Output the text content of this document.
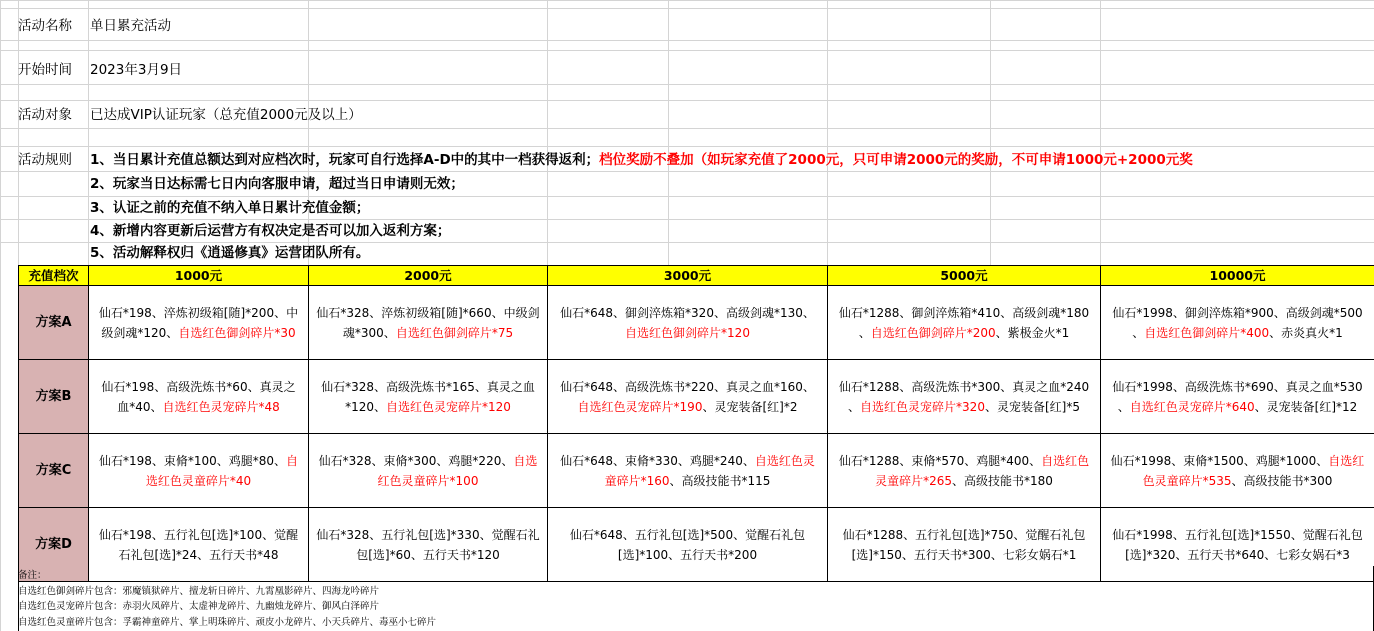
活动名称 单日累充活动
开始时间 2023年3月9日
活动对象 已达成VIP认证玩家（总充值2000元及以上）
活动规则 1、当日累计充值总额达到对应档次时，玩家可自行选择A-D中的其中一档获得返利；档位奖励不叠加（如玩家充值了2000元，只可申请2000元的奖励，不可申请1000元+2000元奖
2、玩家当日达标需七日内向客服申请，超过当日申请则无效；
3、认证之前的充值不纳入单日累计充值金额；
4、新增内容更新后运营方有权决定是否可以加入返利方案；
5、活动解释权归《逍遥修真》运营团队所有。
充值档次	1000元	2000元	3000元	5000元	10000元
方案A	仙石*198、淬炼初级箱[随]*200、中
级剑魂*120、自选红色御剑碎片*30	仙石*328、淬炼初级箱[随]*660、中级剑
魂*300、自选红色御剑碎片*75	仙石*648、御剑淬炼箱*320、高级剑魂*130、
自选红色御剑碎片*120	仙石*1288、御剑淬炼箱*410、高级剑魂*180
、自选红色御剑碎片*200、紫极金火*1	仙石*1998、御剑淬炼箱*900、高级剑魂*500
、自选红色御剑碎片*400、赤炎真火*1
方案B	仙石*198、高级洗炼书*60、真灵之
血*40、自选红色灵宠碎片*48	仙石*328、高级洗炼书*165、真灵之血
*120、自选红色灵宠碎片*120	仙石*648、高级洗炼书*220、真灵之血*160、
自选红色灵宠碎片*190、灵宠装备[红]*2	仙石*1288、高级洗炼书*300、真灵之血*240
、自选红色灵宠碎片*320、灵宠装备[红]*5	仙石*1998、高级洗炼书*690、真灵之血*530
、自选红色灵宠碎片*640、灵宠装备[红]*12
方案C	仙石*198、束脩*100、鸡腿*80、自
选红色灵童碎片*40	仙石*328、束脩*300、鸡腿*220、自选
红色灵童碎片*100	仙石*648、束脩*330、鸡腿*240、自选红色灵
童碎片*160、高级技能书*115	仙石*1288、束脩*570、鸡腿*400、自选红色
灵童碎片*265、高级技能书*180	仙石*1998、束脩*1500、鸡腿*1000、自选红
色灵童碎片*535、高级技能书*300
方案D	仙石*198、五行礼包[选]*100、觉醒
石礼包[选]*24、五行天书*48	仙石*328、五行礼包[选]*330、觉醒石礼
包[选]*60、五行天书*120	仙石*648、五行礼包[选]*500、觉醒石礼包
[选]*100、五行天书*200	仙石*1288、五行礼包[选]*750、觉醒石礼包
[选]*150、五行天书*300、七彩女娲石*1	仙石*1998、五行礼包[选]*1550、觉醒石礼包
[选]*320、五行天书*640、七彩女娲石*3
备注：
自选红色御剑碎片包含：邪魔镇狱碎片、擅龙斩日碎片、九霄凰影碎片、四海龙吟碎片
自选红色灵宠碎片包含：赤羽火凤碎片、太虚神龙碎片、九幽烛龙碎片、御风白泽碎片
自选红色灵童碎片包含：孚霸神童碎片、掌上明珠碎片、顽皮小龙碎片、小天兵碎片、毒巫小七碎片
